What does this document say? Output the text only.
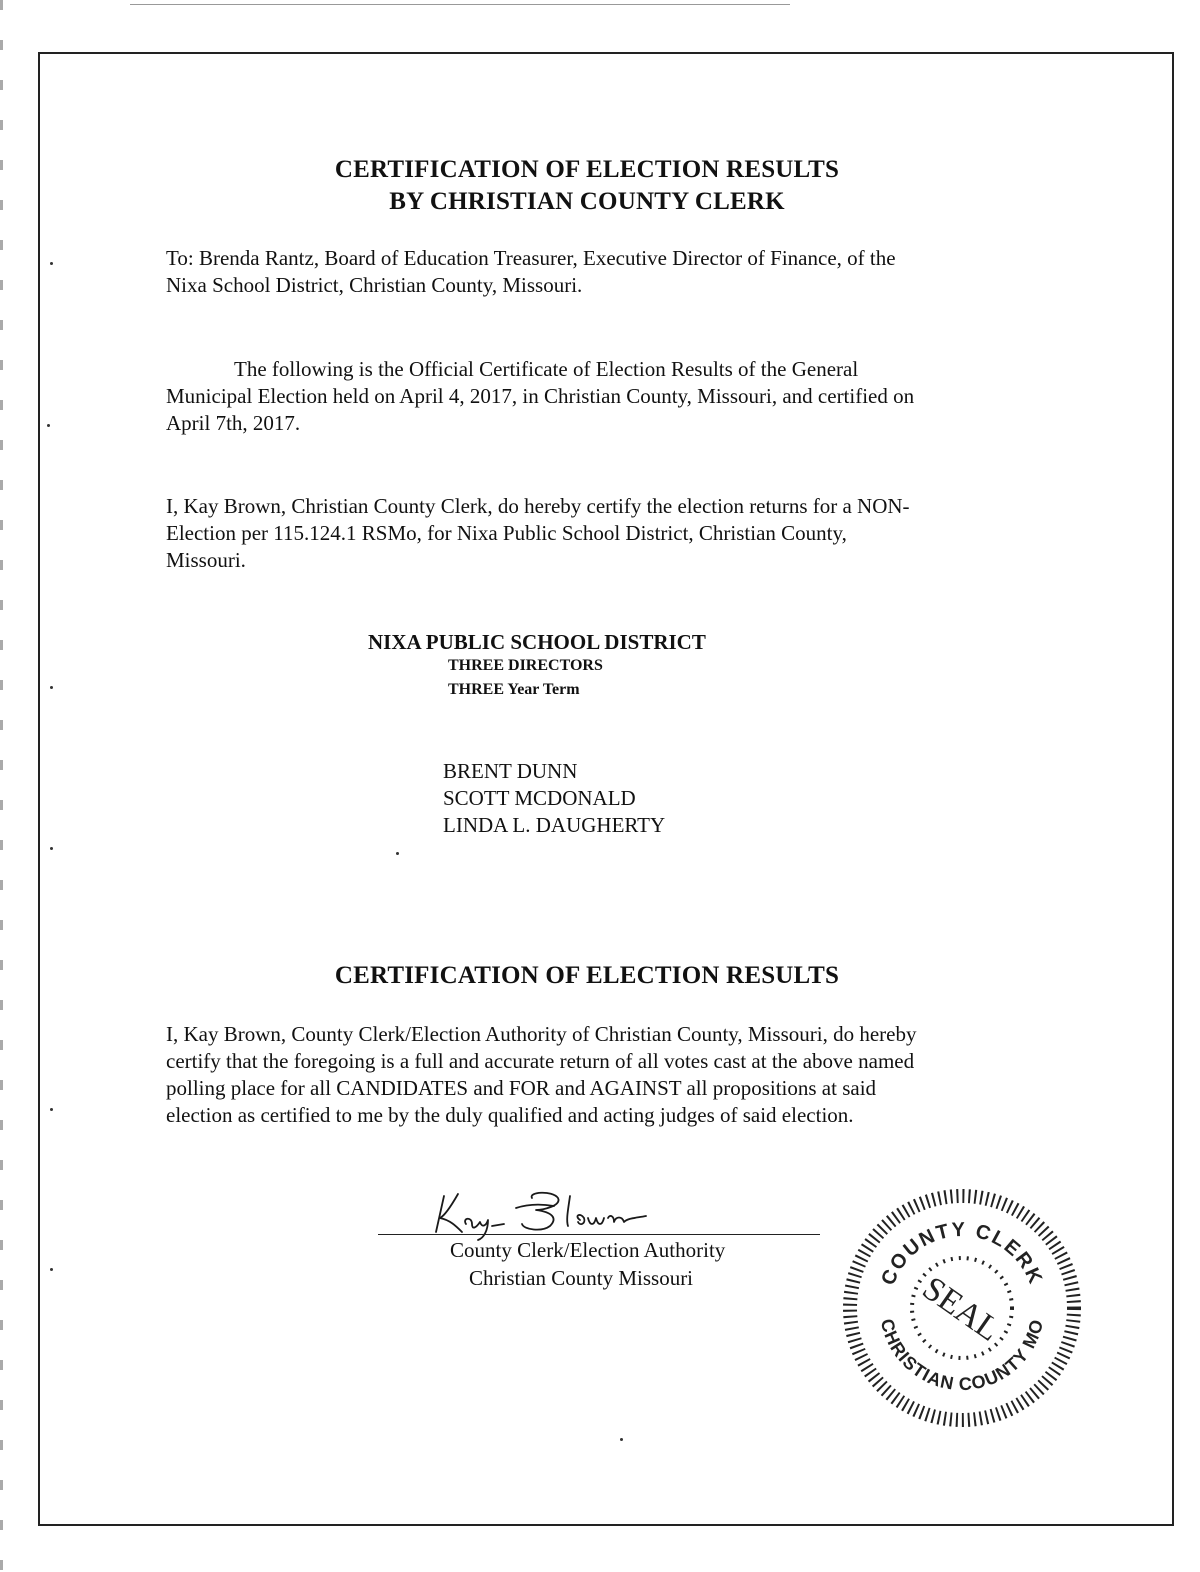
CERTIFICATION OF ELECTION RESULTS
BY CHRISTIAN COUNTY CLERK
To: Brenda Rantz, Board of Education Treasurer, Executive Director of Finance, of the
Nixa School District, Christian County, Missouri.
The following is the Official Certificate of Election Results of the General
Municipal Election held on April 4, 2017, in Christian County, Missouri, and certified on
April 7th, 2017.
I, Kay Brown, Christian County Clerk, do hereby certify the election returns for a NON-
Election per 115.124.1 RSMo, for Nixa Public School District, Christian County,
Missouri.
NIXA PUBLIC SCHOOL DISTRICT
THREE DIRECTORS
THREE Year Term
BRENT DUNN
SCOTT MCDONALD
LINDA L. DAUGHERTY
CERTIFICATION OF ELECTION RESULTS
I, Kay Brown, County Clerk/Election Authority of Christian County, Missouri, do hereby
certify that the foregoing is a full and accurate return of all votes cast at the above named
polling place for all CANDIDATES and FOR and AGAINST all propositions at said
election as certified to me by the duly qualified and acting judges of said election.
County Clerk/Election Authority
Christian County Missouri	COUNTY CLERK
CHRISTIAN COUNTY MO
SEAL
